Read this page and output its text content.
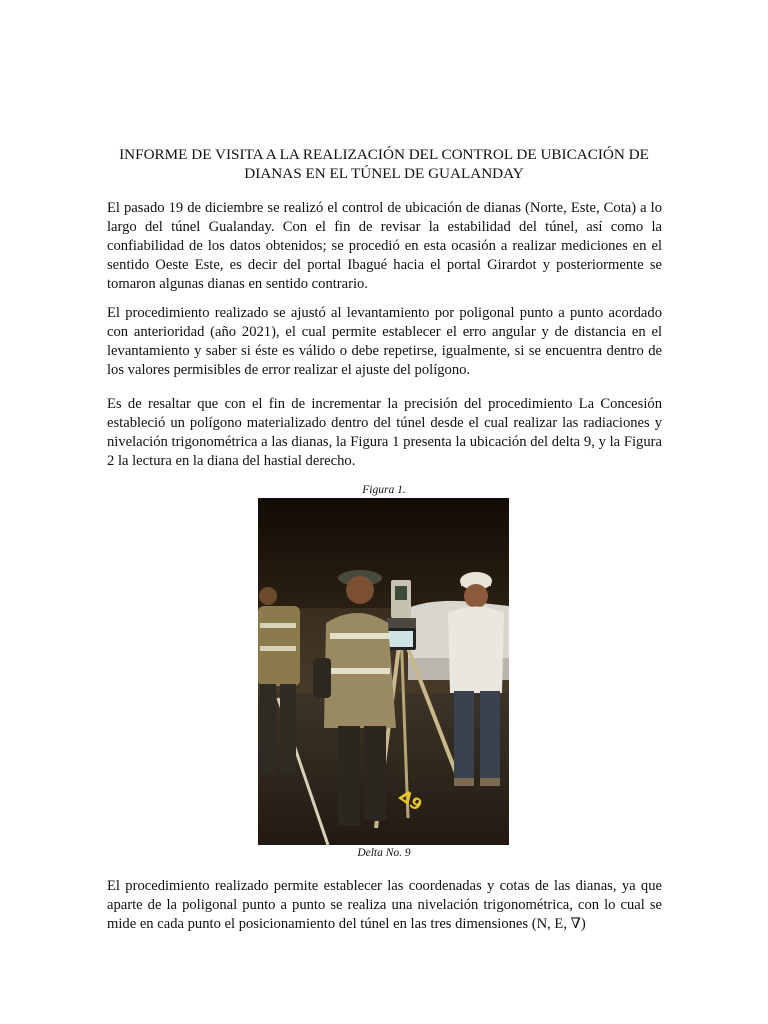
INFORME DE VISITA A LA REALIZACIÓN DEL CONTROL DE UBICACIÓN DE DIANAS EN EL TÚNEL DE GUALANDAY

El pasado 19 de diciembre se realizó el control de ubicación de dianas (Norte, Este, Cota) a lo largo del túnel Gualanday. Con el fin de revisar la estabilidad del túnel, así como la confiabilidad de los datos obtenidos; se procedió en esta ocasión a realizar mediciones en el sentido Oeste Este, es decir del portal Ibagué hacia el portal Girardot y posteriormente se tomaron algunas dianas en sentido contrario.

El procedimiento realizado se ajustó al levantamiento por poligonal punto a punto acordado con anterioridad (año 2021), el cual permite establecer el erro angular y de distancia en el levantamiento y saber si éste es válido o debe repetirse, igualmente, si se encuentra dentro de los valores permisibles de error realizar el ajuste del polígono.

Es de resaltar que con el fin de incrementar la precisión del procedimiento La Concesión estableció un polígono materializado dentro del túnel desde el cual realizar las radiaciones y nivelación trigonométrica a las dianas, la Figura 1 presenta la ubicación del delta 9, y la Figura 2 la lectura en la diana del hastial derecho.

Figura 1.

Δ9

Delta No. 9

El procedimiento realizado permite establecer las coordenadas y cotas de las dianas, ya que aparte de la poligonal punto a punto se realiza una nivelación trigonométrica, con lo cual se mide en cada punto el posicionamiento del túnel en las tres dimensiones (N, E, ∇)
